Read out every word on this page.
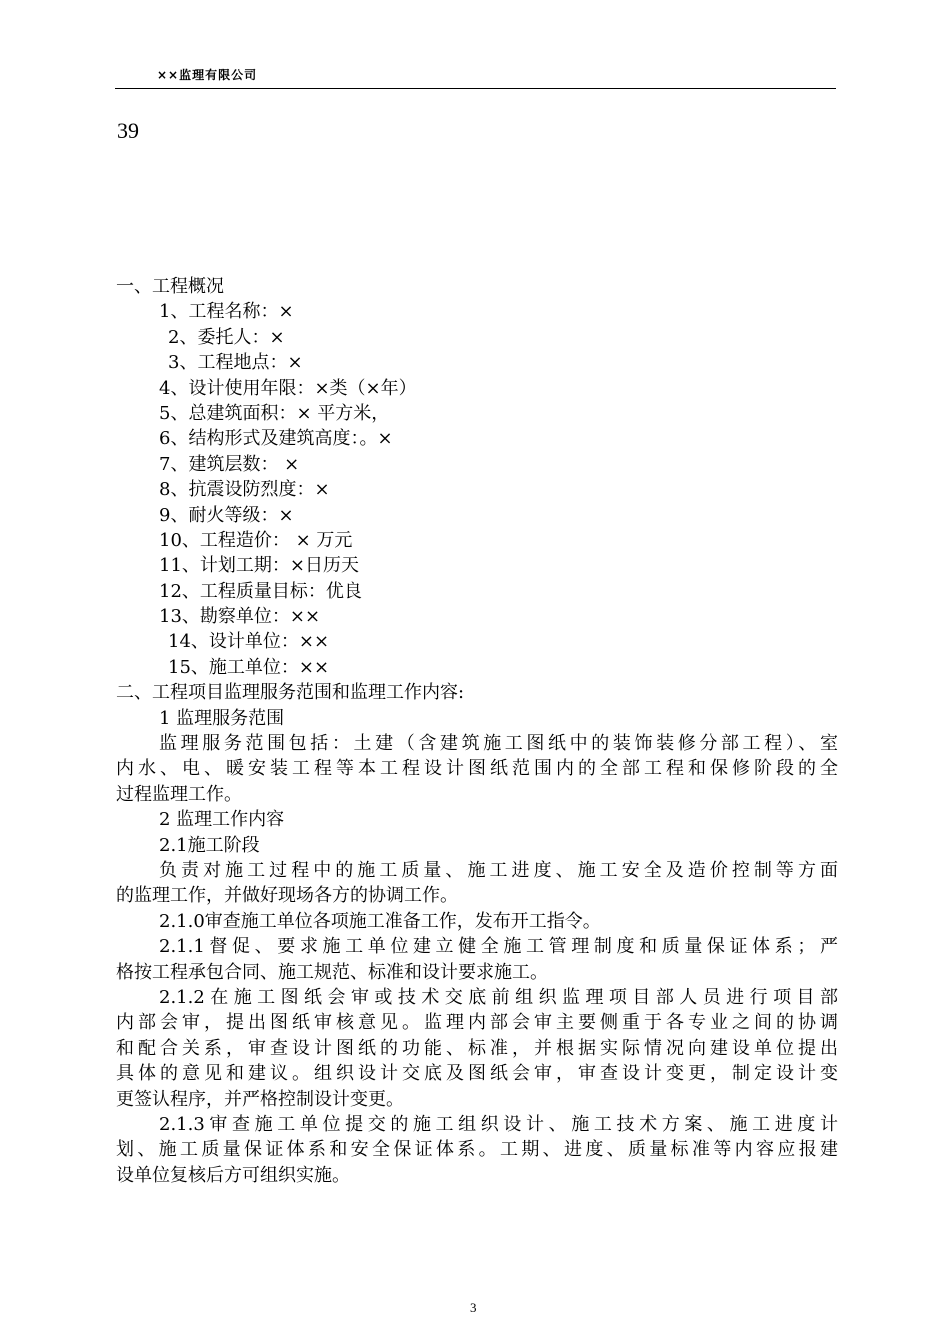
××监理有限公司
39
一、工程概况
1、工程名称：×
2、委托人：×
3、工程地点：×
4、设计使用年限：×类（×年）
5、总建筑面积：× 平方米，
6、结构形式及建筑高度：。×
7、建筑层数： ×
8、抗震设防烈度：×
9、耐火等级：×
10、工程造价： × 万元
11、计划工期：×日历天
12、工程质量目标：优良
13、勘察单位：××
14、设计单位：××
15、施工单位：××
二、工程项目监理服务范围和监理工作内容:
1 监理服务范围
监理服务范围包括：土建（含建筑施工图纸中的装饰装修分部工程）、室
内水、电、暖安装工程等本工程设计图纸范围内的全部工程和保修阶段的全
过程监理工作。
2 监理工作内容
2.1施工阶段
负责对施工过程中的施工质量、施工进度、施工安全及造价控制等方面
的监理工作，并做好现场各方的协调工作。
2.1.0审查施工单位各项施工准备工作，发布开工指令。
2.1.1督促、要求施工单位建立健全施工管理制度和质量保证体系；严
格按工程承包合同、施工规范、标准和设计要求施工。
2.1.2在施工图纸会审或技术交底前组织监理项目部人员进行项目部
内部会审，提出图纸审核意见。监理内部会审主要侧重于各专业之间的协调
和配合关系，审查设计图纸的功能、标准，并根据实际情况向建设单位提出
具体的意见和建议。组织设计交底及图纸会审，审查设计变更，制定设计变
更签认程序，并严格控制设计变更。
2.1.3审查施工单位提交的施工组织设计、施工技术方案、施工进度计
划、施工质量保证体系和安全保证体系。工期、进度、质量标准等内容应报建
设单位复核后方可组织实施。
3
